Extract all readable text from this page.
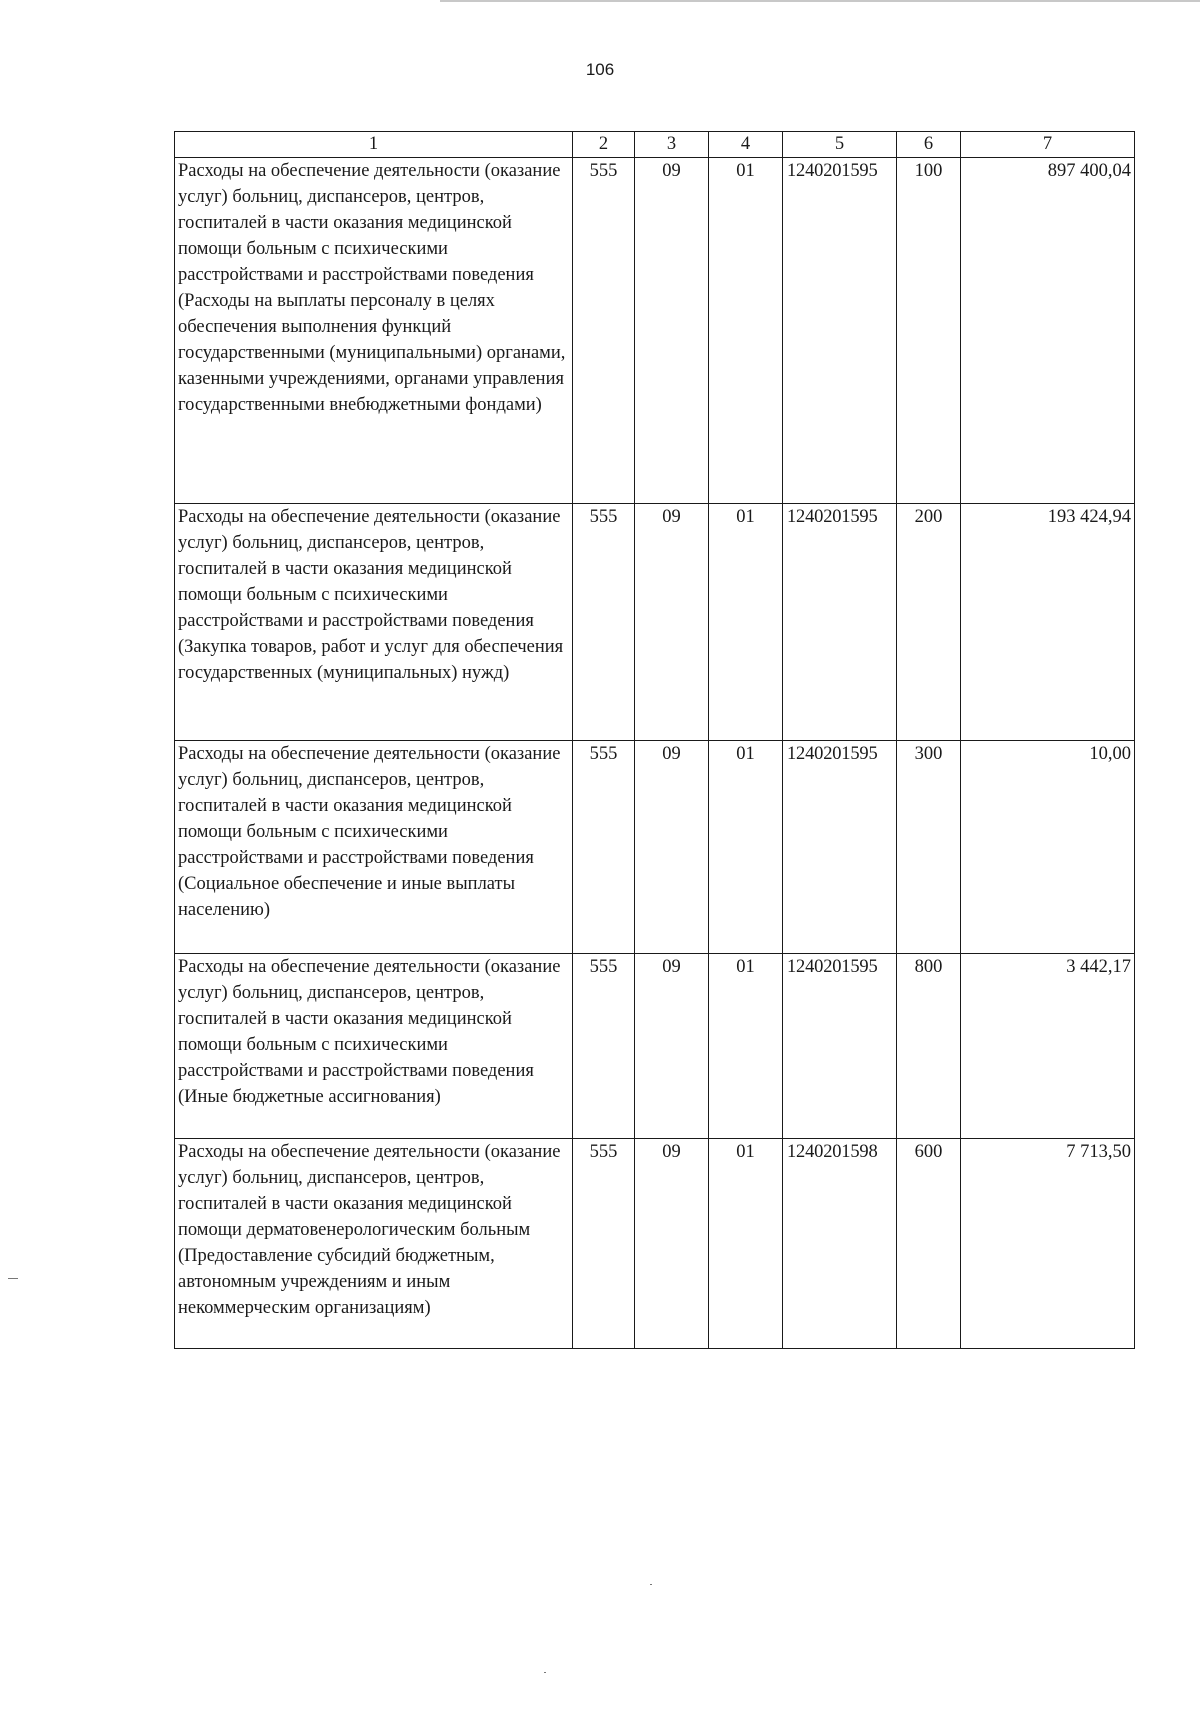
106
1	2	3	4	5	6	7
Расходы на обеспечение деятельности (оказание услуг) больниц, диспансеров, центров, госпиталей в части оказания медицинской помощи больным с психическими расстройствами и расстройствами поведения (Расходы на выплаты персоналу в целях обеспечения выполнения функций государственными (муниципальными) органами, казенными учреждениями, органами управления государственными внебюджетными фондами)	555	09	01	1240201595	100	897 400,04
Расходы на обеспечение деятельности (оказание услуг) больниц, диспансеров, центров, госпиталей в части оказания медицинской помощи больным с психическими расстройствами и расстройствами поведения (Закупка товаров, работ и услуг для обеспечения государственных (муниципальных) нужд)	555	09	01	1240201595	200	193 424,94
Расходы на обеспечение деятельности (оказание услуг) больниц, диспансеров, центров, госпиталей в части оказания медицинской помощи больным с психическими расстройствами и расстройствами поведения (Социальное обеспечение и иные выплаты населению)	555	09	01	1240201595	300	10,00
Расходы на обеспечение деятельности (оказание услуг) больниц, диспансеров, центров, госпиталей в части оказания медицинской помощи больным с психическими расстройствами и расстройствами поведения (Иные бюджетные ассигнования)	555	09	01	1240201595	800	3 442,17
Расходы на обеспечение деятельности (оказание услуг) больниц, диспансеров, центров, госпиталей в части оказания медицинской помощи дерматовенерологическим больным (Предоставление субсидий бюджетным, автономным учреждениям и иным некоммерческим организациям)	555	09	01	1240201598	600	7 713,50
